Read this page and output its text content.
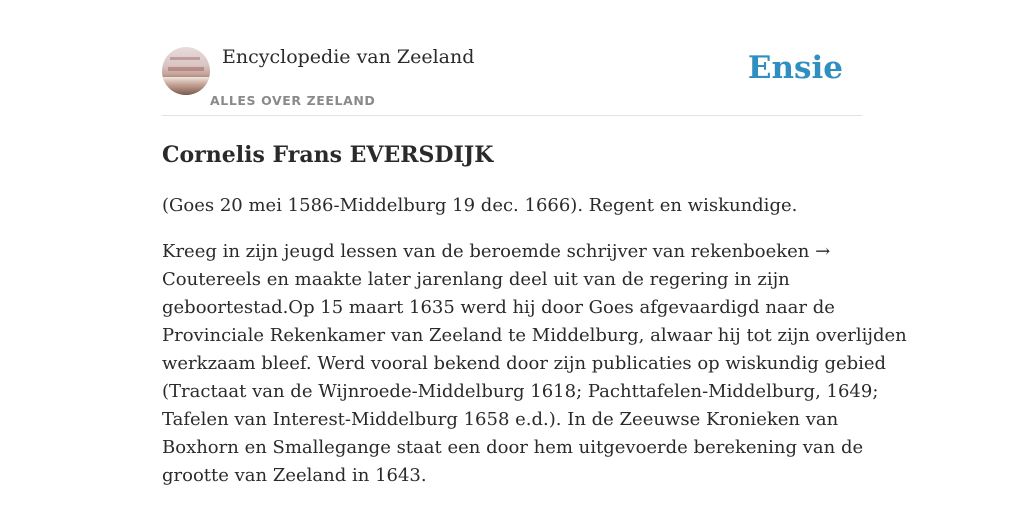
Encyclopedie van Zeeland
ALLES OVER ZEELAND
Ensie
Cornelis Frans EVERSDIJK

(Goes 20 mei 1586-Middelburg 19 dec. 1666). Regent en wiskundige.

Kreeg in zijn jeugd lessen van de beroemde schrijver van rekenboeken →
Coutereels en maakte later jarenlang deel uit van de regering in zijn
geboortestad.Op 15 maart 1635 werd hij door Goes afgevaardigd naar de
Provinciale Rekenkamer van Zeeland te Middelburg, alwaar hij tot zijn overlijden
werkzaam bleef. Werd vooral bekend door zijn publicaties op wiskundig gebied
(Tractaat van de Wijnroede-Middelburg 1618; Pachttafelen-Middelburg, 1649;
Tafelen van Interest-Middelburg 1658 e.d.). In de Zeeuwse Kronieken van
Boxhorn en Smallegange staat een door hem uitgevoerde berekening van de
grootte van Zeeland in 1643.
